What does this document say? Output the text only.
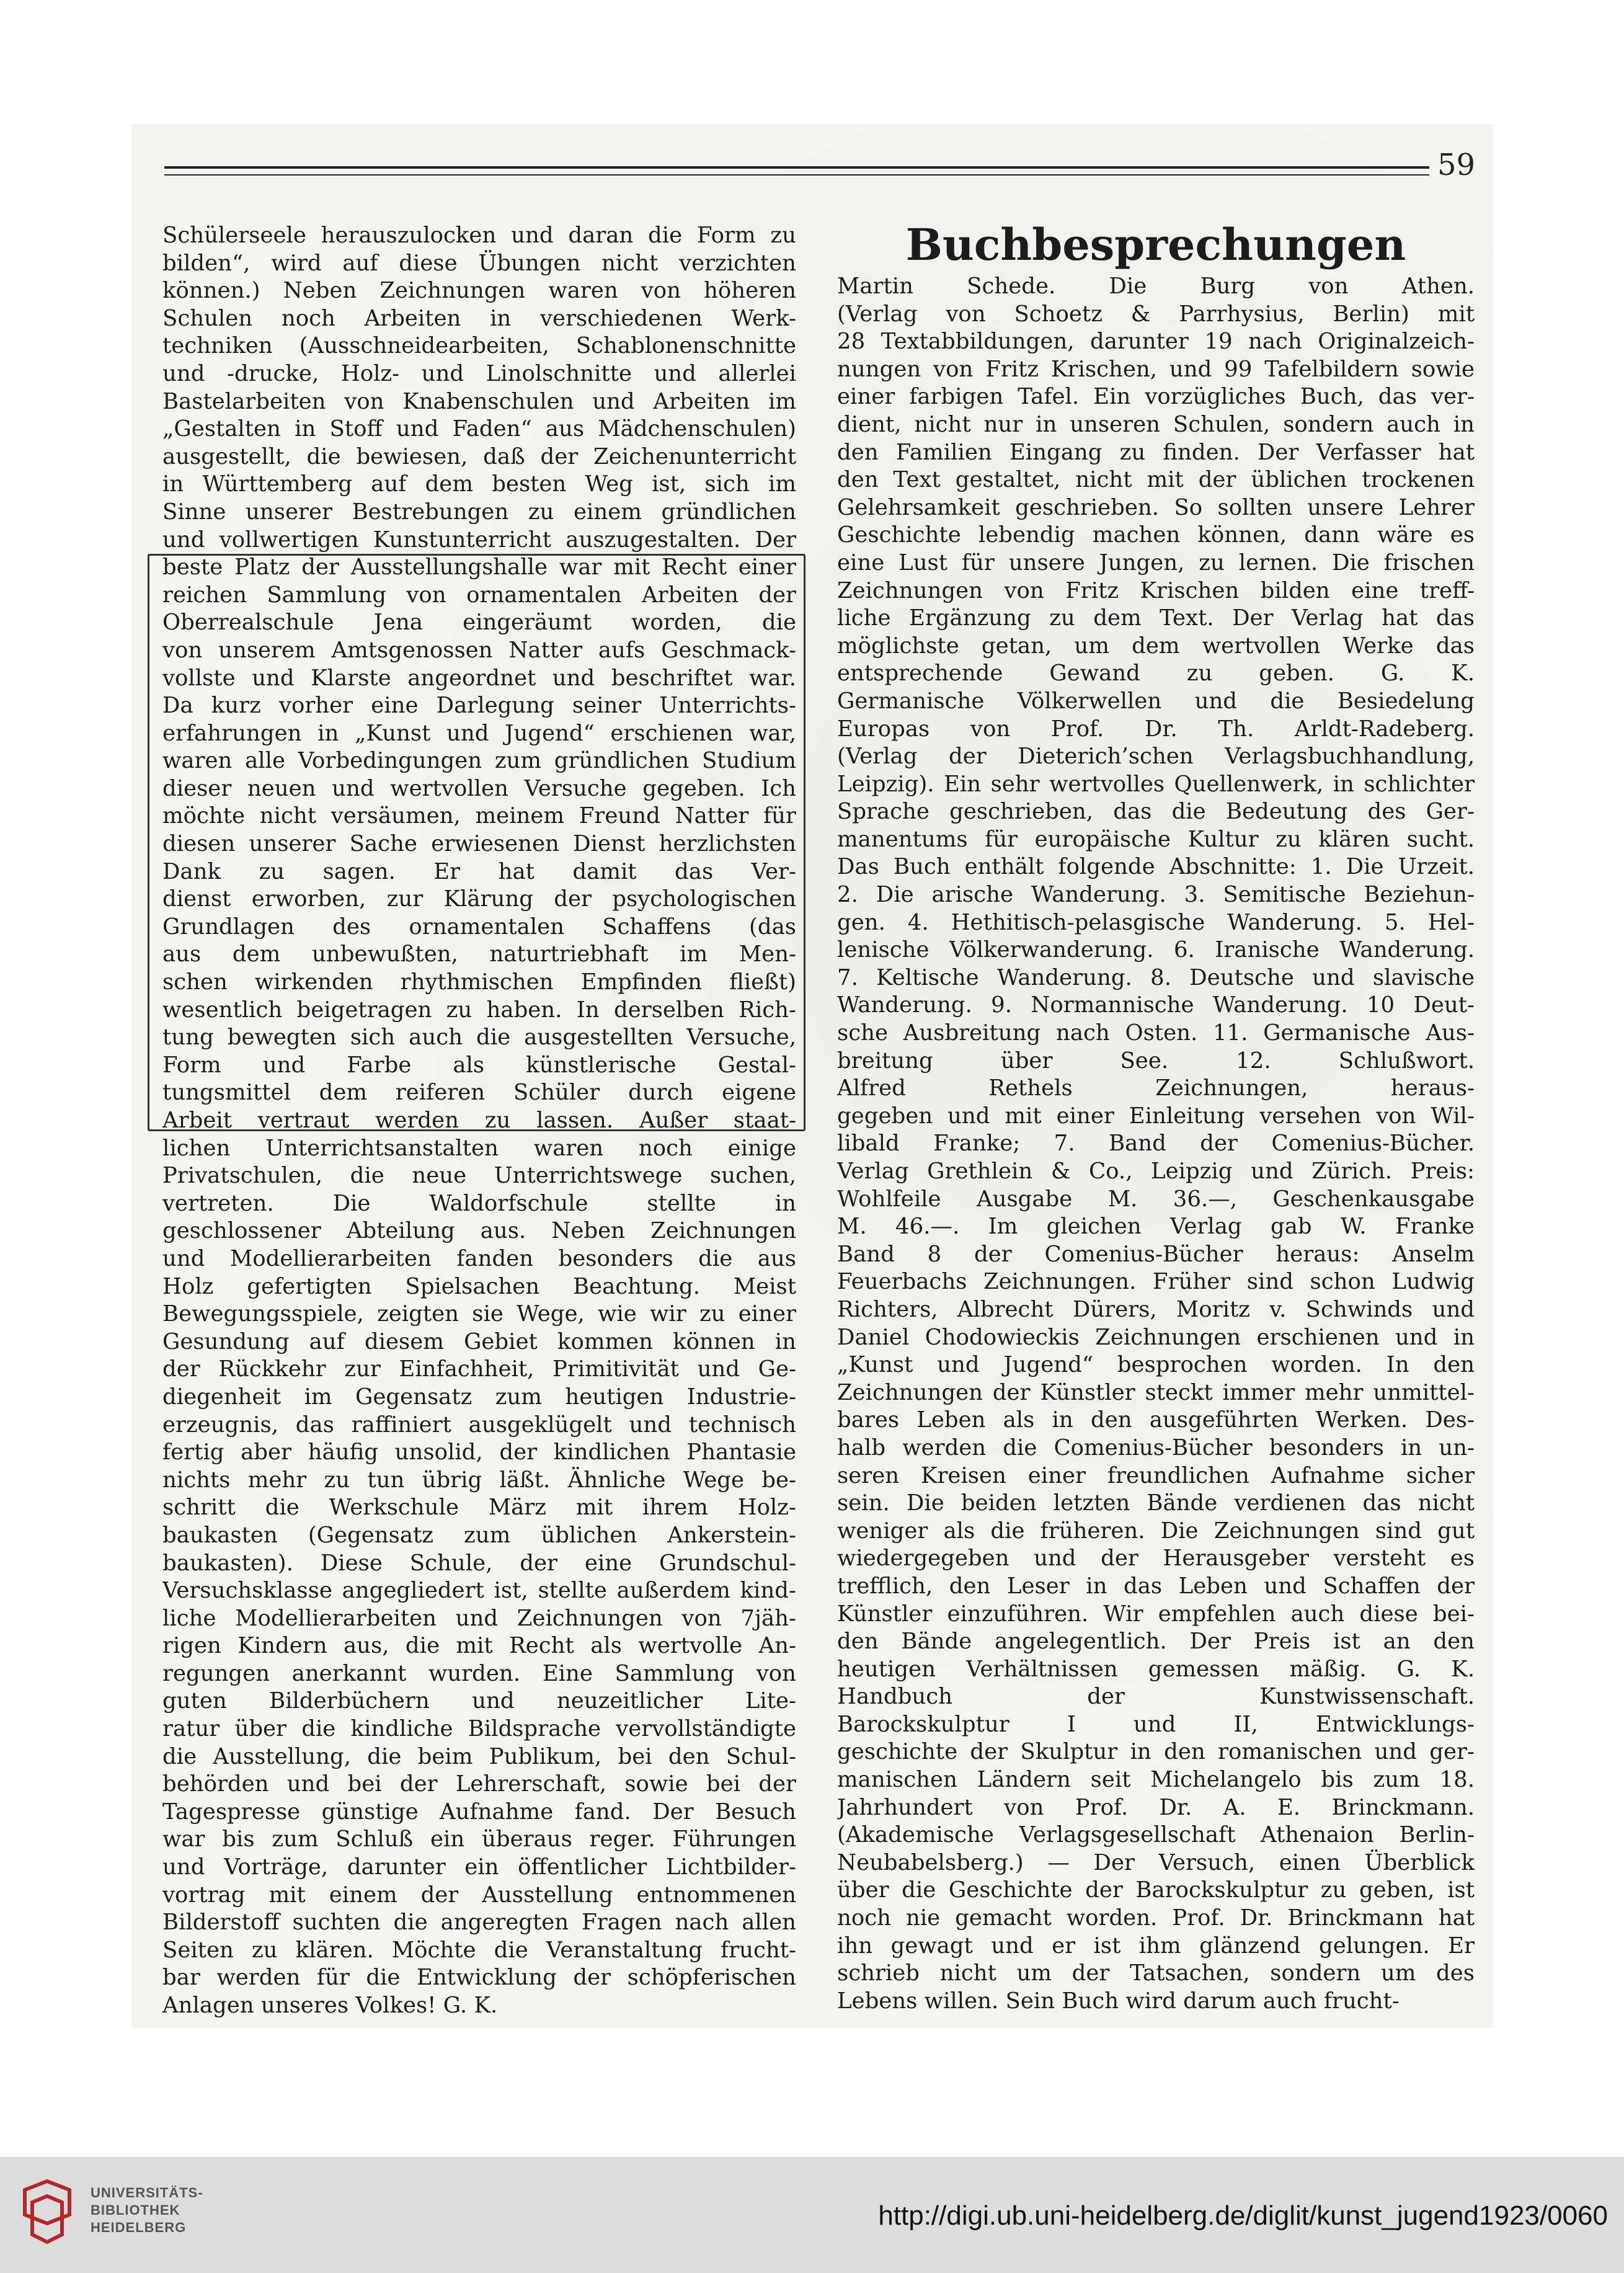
59
Schülerseele herauszulocken und daran die Form zu
bilden“, wird auf diese Übungen nicht verzichten
können.) Neben Zeichnungen waren von höheren
Schulen noch Arbeiten in verschiedenen Werk-
techniken (Ausschneidearbeiten, Schablonenschnitte
und -drucke, Holz- und Linolschnitte und allerlei
Bastelarbeiten von Knabenschulen und Arbeiten im
„Gestalten in Stoff und Faden“ aus Mädchenschulen)
ausgestellt, die bewiesen, daß der Zeichenunterricht
in Württemberg auf dem besten Weg ist, sich im
Sinne unserer Bestrebungen zu einem gründlichen
und vollwertigen Kunstunterricht auszugestalten. Der
beste Platz der Ausstellungshalle war mit Recht einer
reichen Sammlung von ornamentalen Arbeiten der
Oberrealschule Jena eingeräumt worden, die
von unserem Amtsgenossen Natter aufs Geschmack-
vollste und Klarste angeordnet und beschriftet war.
Da kurz vorher eine Darlegung seiner Unterrichts-
erfahrungen in „Kunst und Jugend“ erschienen war,
waren alle Vorbedingungen zum gründlichen Studium
dieser neuen und wertvollen Versuche gegeben. Ich
möchte nicht versäumen, meinem Freund Natter für
diesen unserer Sache erwiesenen Dienst herzlichsten
Dank zu sagen. Er hat damit das Ver-
dienst erworben, zur Klärung der psychologischen
Grundlagen des ornamentalen Schaffens (das
aus dem unbewußten, naturtriebhaft im Men-
schen wirkenden rhythmischen Empfinden fließt)
wesentlich beigetragen zu haben. In derselben Rich-
tung bewegten sich auch die ausgestellten Versuche,
Form und Farbe als künstlerische Gestal-
tungsmittel dem reiferen Schüler durch eigene
Arbeit vertraut werden zu lassen. Außer staat-
lichen Unterrichtsanstalten waren noch einige
Privatschulen, die neue Unterrichtswege suchen,
vertreten. Die Waldorfschule stellte in
geschlossener Abteilung aus. Neben Zeichnungen
und Modellierarbeiten fanden besonders die aus
Holz gefertigten Spielsachen Beachtung. Meist
Bewegungsspiele, zeigten sie Wege, wie wir zu einer
Gesundung auf diesem Gebiet kommen können in
der Rückkehr zur Einfachheit, Primitivität und Ge-
diegenheit im Gegensatz zum heutigen Industrie-
erzeugnis, das raffiniert ausgeklügelt und technisch
fertig aber häufig unsolid, der kindlichen Phantasie
nichts mehr zu tun übrig läßt. Ähnliche Wege be-
schritt die Werkschule März mit ihrem Holz-
baukasten (Gegensatz zum üblichen Ankerstein-
baukasten). Diese Schule, der eine Grundschul-
Versuchsklasse angegliedert ist, stellte außerdem kind-
liche Modellierarbeiten und Zeichnungen von 7jäh-
rigen Kindern aus, die mit Recht als wertvolle An-
regungen anerkannt wurden. Eine Sammlung von
guten Bilderbüchern und neuzeitlicher Lite-
ratur über die kindliche Bildsprache vervollständigte
die Ausstellung, die beim Publikum, bei den Schul-
behörden und bei der Lehrerschaft, sowie bei der
Tagespresse günstige Aufnahme fand. Der Besuch
war bis zum Schluß ein überaus reger. Führungen
und Vorträge, darunter ein öffentlicher Lichtbilder-
vortrag mit einem der Ausstellung entnommenen
Bilderstoff suchten die angeregten Fragen nach allen
Seiten zu klären. Möchte die Veranstaltung frucht-
bar werden für die Entwicklung der schöpferischen
Anlagen unseres Volkes! G. K.
Buchbesprechungen
Martin Schede. Die Burg von Athen.
(Verlag von Schoetz & Parrhysius, Berlin) mit
28 Textabbildungen, darunter 19 nach Originalzeich-
nungen von Fritz Krischen, und 99 Tafelbildern sowie
einer farbigen Tafel. Ein vorzügliches Buch, das ver-
dient, nicht nur in unseren Schulen, sondern auch in
den Familien Eingang zu finden. Der Verfasser hat
den Text gestaltet, nicht mit der üblichen trockenen
Gelehrsamkeit geschrieben. So sollten unsere Lehrer
Geschichte lebendig machen können, dann wäre es
eine Lust für unsere Jungen, zu lernen. Die frischen
Zeichnungen von Fritz Krischen bilden eine treff-
liche Ergänzung zu dem Text. Der Verlag hat das
möglichste getan, um dem wertvollen Werke das
entsprechende Gewand zu geben. G. K.
Germanische Völkerwellen und die Besiedelung
Europas von Prof. Dr. Th. Arldt-Radeberg.
(Verlag der Dieterich’schen Verlagsbuchhandlung,
Leipzig). Ein sehr wertvolles Quellenwerk, in schlichter
Sprache geschrieben, das die Bedeutung des Ger-
manentums für europäische Kultur zu klären sucht.
Das Buch enthält folgende Abschnitte: 1. Die Urzeit.
2. Die arische Wanderung. 3. Semitische Beziehun-
gen. 4. Hethitisch-pelasgische Wanderung. 5. Hel-
lenische Völkerwanderung. 6. Iranische Wanderung.
7. Keltische Wanderung. 8. Deutsche und slavische
Wanderung. 9. Normannische Wanderung. 10 Deut-
sche Ausbreitung nach Osten. 11. Germanische Aus-
breitung über See. 12. Schlußwort.
Alfred Rethels Zeichnungen, heraus-
gegeben und mit einer Einleitung versehen von Wil-
libald Franke; 7. Band der Comenius-Bücher.
Verlag Grethlein & Co., Leipzig und Zürich. Preis:
Wohlfeile Ausgabe M. 36.—, Geschenkausgabe
M. 46.—. Im gleichen Verlag gab W. Franke
Band 8 der Comenius-Bücher heraus: Anselm
Feuerbachs Zeichnungen. Früher sind schon Ludwig
Richters, Albrecht Dürers, Moritz v. Schwinds und
Daniel Chodowieckis Zeichnungen erschienen und in
„Kunst und Jugend“ besprochen worden. In den
Zeichnungen der Künstler steckt immer mehr unmittel-
bares Leben als in den ausgeführten Werken. Des-
halb werden die Comenius-Bücher besonders in un-
seren Kreisen einer freundlichen Aufnahme sicher
sein. Die beiden letzten Bände verdienen das nicht
weniger als die früheren. Die Zeichnungen sind gut
wiedergegeben und der Herausgeber versteht es
trefflich, den Leser in das Leben und Schaffen der
Künstler einzuführen. Wir empfehlen auch diese bei-
den Bände angelegentlich. Der Preis ist an den
heutigen Verhältnissen gemessen mäßig. G. K.
Handbuch der Kunstwissenschaft.
Barockskulptur I und II, Entwicklungs-
geschichte der Skulptur in den romanischen und ger-
manischen Ländern seit Michelangelo bis zum 18.
Jahrhundert von Prof. Dr. A. E. Brinckmann.
(Akademische Verlagsgesellschaft Athenaion Berlin-
Neubabelsberg.) — Der Versuch, einen Überblick
über die Geschichte der Barockskulptur zu geben, ist
noch nie gemacht worden. Prof. Dr. Brinckmann hat
ihn gewagt und er ist ihm glänzend gelungen. Er
schrieb nicht um der Tatsachen, sondern um des
Lebens willen. Sein Buch wird darum auch frucht-
UNIVERSITÄTS-
BIBLIOTHEK
HEIDELBERG	http://digi.ub.uni-heidelberg.de/diglit/kunst_jugend1923/0060
